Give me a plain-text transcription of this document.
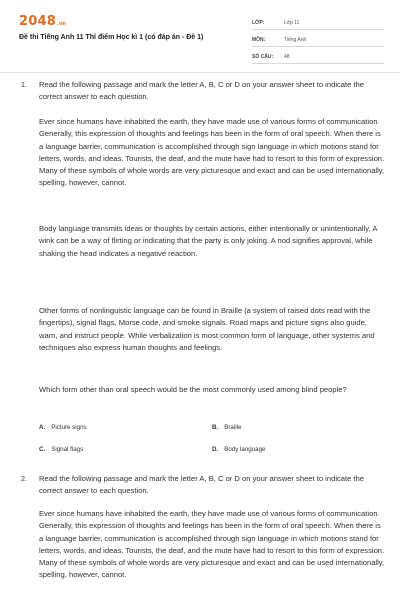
2048.vn
Đề thi Tiếng Anh 11 Thí điểm Học kì 1 (có đáp án - Đề 1)
LỚP:	Lớp 11
MÔN:	Tiếng Anh
SỐ CÂU:	48
1. Read the following passage and mark the letter A, B, C or D on your answer sheet to indicate the correct answer to each question.
Ever since humans have inhabited the earth, they have made use of various forms of communication. Generally, this expression of thoughts and feelings has been in the form of oral speech. When there is a language barrier, communication is accomplished through sign language in which motions stand for letters, words, and ideas. Tourists, the deaf, and the mute have had to resort to this form of expression. Many of these symbols of whole words are very picturesque and exact and can be used internationally, spelling, however, cannot.
Body language transmits ideas or thoughts by certain actions, either intentionally or unintentionally. A wink can be a way of flirting or indicating that the party is only joking. A nod signifies approval, while shaking the head indicates a negative reaction.
Other forms of nonlinguistic language can be found in Braille (a system of raised dots read with the fingertips), signal flags, Morse code, and smoke signals. Road maps and picture signs also guide, warn, and instruct people. While verbalization is most common form of language, other systems and techniques also express human thoughts and feelings.
Which form other than oral speech would be the most commonly used among blind people?
A. Picture signs	B. Braille
C. Signal flags	D. Body language
2. Read the following passage and mark the letter A, B, C or D on your answer sheet to indicate the correct answer to each question.
Ever since humans have inhabited the earth, they have made use of various forms of communication. Generally, this expression of thoughts and feelings has been in the form of oral speech. When there is a language barrier, communication is accomplished through sign language in which motions stand for letters, words, and ideas. Tourists, the deaf, and the mute have had to resort to this form of expression. Many of these symbols of whole words are very picturesque and exact and can be used internationally, spelling, however, cannot.
